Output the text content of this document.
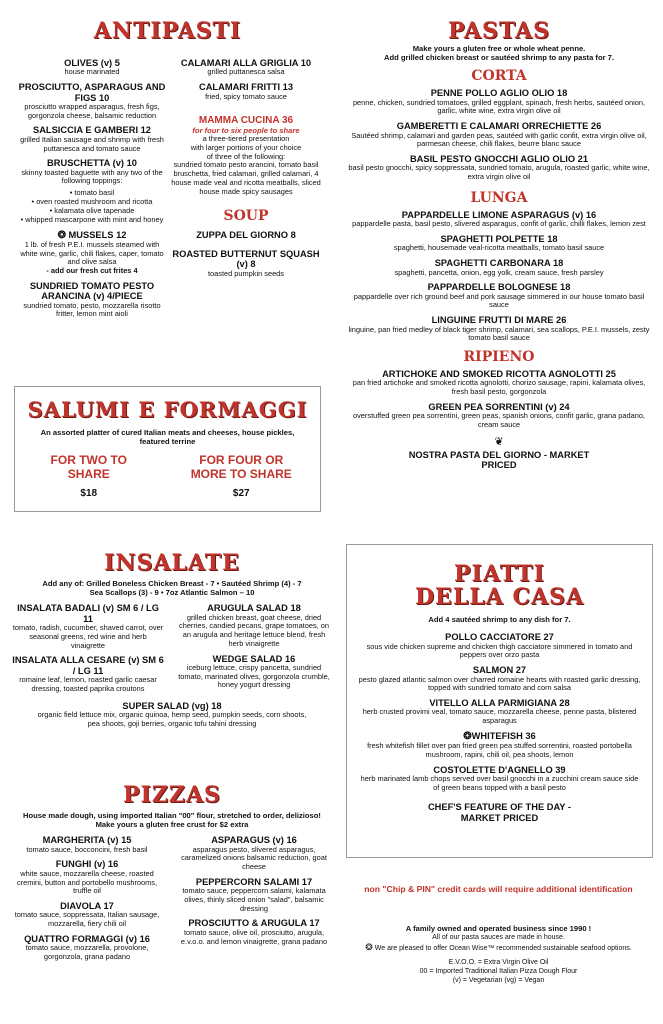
ANTIPASTI
OLIVES (v) 5
house marinated
PROSCIUTTO, ASPARAGUS AND FIGS 10
prosciutto wrapped asparagus, fresh figs, gorgonzola cheese, balsamic reduction
SALSICCIA E GAMBERI 12
grilled Italian sausage and shrimp with fresh puttanesca and tomato sauce
BRUSCHETTA (v) 10
skinny toasted baguette with any two of the following toppings:
• tomato basil
• oven roasted mushroom and ricotta
• kalamata olive tapenade
• whipped mascarpone with mint and honey
❂ MUSSELS 12
1 lb. of fresh P.E.I. mussels steamed with white wine, garlic, chili flakes, caper, tomato and olive salsa
- add our fresh cut frites 4
SUNDRIED TOMATO PESTO ARANCINA (v) 4/PIECE
sundried tomato, pesto, mozzarella risotto fritter, lemon mint aioli
CALAMARI ALLA GRIGLIA 10
grilled puttanesca salsa
CALAMARI FRITTI 13
fried, spicy tomato sauce
MAMMA CUCINA 36
for four to six people to share
a three-tiered presentation
with larger portions of your choice
of three of the following:
sundried tomato pesto arancini, tomato basil bruschetta, fried calamari, grilled calamari, 4 house made veal and ricotta meatballs, sliced house made spicy sausages
SOUP
ZUPPA DEL GIORNO 8
ROASTED BUTTERNUT SQUASH (v) 8
toasted pumpkin seeds
SALUMI E FORMAGGI
An assorted platter of cured Italian meats and cheeses, house pickles, featured terrine
FOR TWO TO SHARE
$18
FOR FOUR OR MORE TO SHARE
$27
PASTAS
Make yours a gluten free or whole wheat penne.
Add grilled chicken breast or sautéed shrimp to any pasta for 7.
CORTA
PENNE POLLO AGLIO OLIO 18
penne, chicken, sundried tomatoes, grilled eggplant, spinach, fresh herbs, sautéed onion, garlic, white wine, extra virgin olive oil
GAMBERETTI E CALAMARI ORRECHIETTE 26
Sautéed shrimp, calamari and garden peas, sautéed with garlic confit, extra virgin olive oil, parmesan cheese, chili flakes, beurre blanc sauce
BASIL PESTO GNOCCHI AGLIO OLIO 21
basil pesto gnocchi, spicy soppressata, sundried tomato, arugula, roasted garlic, white wine, extra virgin olive oil
LUNGA
PAPPARDELLE LIMONE ASPARAGUS (v) 16
pappardelle pasta, basil pesto, slivered asparagus, confit of garlic, chilli flakes, lemon zest
SPAGHETTI POLPETTE 18
spaghetti, housemade veal-ricotta meatballs, tomato basil sauce
SPAGHETTI CARBONARA 18
spaghetti, pancetta, onion, egg yolk, cream sauce, fresh parsley
PAPPARDELLE BOLOGNESE 18
pappardelle over rich ground beef and pork sausage simmered in our house tomato basil sauce
LINGUINE FRUTTI DI MARE 26
linguine, pan fried medley of black tiger shrimp, calamari, sea scallops, P.E.I. mussels, zesty tomato basil sauce
RIPIENO
ARTICHOKE AND SMOKED RICOTTA AGNOLOTTI 25
pan fried artichoke and smoked ricotta agnolotti, chorizo sausage, rapini, kalamata olives, fresh basil pesto, gorgonzola
GREEN PEA SORRENTINI (v) 24
overstuffed green pea sorrentini, green peas, spanish onions, confit garlic, grana padano, cream sauce
❦
NOSTRA PASTA DEL GIORNO - MARKET PRICED
INSALATE
Add any of: Grilled Boneless Chicken Breast - 7 • Sautéed Shrimp (4) - 7
Sea Scallops (3) - 9 • 7oz Atlantic Salmon – 10
INSALATA BADALI (v) SM 6 / LG 11
tomato, radish, cucumber, shaved carrot, over seasonal greens, red wine and herb vinaigrette
INSALATA ALLA CESARE (v) SM 6 / LG 11
romaine leaf, lemon, roasted garlic caesar dressing, toasted paprika croutons
ARUGULA SALAD 18
grilled chicken breast, goat cheese, dried cherries, candied pecans, grape tomatoes, on an arugula and heritage lettuce blend, fresh herb vinaigrette
WEDGE SALAD 16
iceburg lettuce, crispy pancetta, sundried tomato, marinated olives, gorgonzola crumble, honey yogurt dressing
SUPER SALAD (vg) 18
organic field lettuce mix, organic quinoa, hemp seed, pumpkin seeds, corn shoots, pea shoots, goji berries, organic tofu tahini dressing
PIZZAS
House made dough, using imported Italian "00" flour, stretched to order, delizioso!
Make yours a gluten free crust for $2 extra
MARGHERITA (v) 15
tomato sauce, bocconcini, fresh basil
FUNGHI (v) 16
white sauce, mozzarella cheese, roasted cremini, button and portobello mushrooms, truffle oil
DIAVOLA 17
tomato sauce, soppressata, Italian sausage, mozzarella, fiery chili oil
QUATTRO FORMAGGI (v) 16
tomato sauce, mozzarella, provolone, gorgonzola, grana padano
ASPARAGUS (v) 16
asparagus pesto, slivered asparagus, caramelized onions balsamic reduction, goat cheese
PEPPERCORN SALAMI 17
tomato sauce, peppercorn salami, kalamata olives, thinly sliced onion "salad", balsamic dressing
PROSCIUTTO & ARUGULA 17
tomato sauce, olive oil, prosciutto, arugula, e.v.o.o. and lemon vinaigrette, grana padano
PIATTI
DELLA CASA
Add 4 sautéed shrimp to any dish for 7.
POLLO CACCIATORE 27
sous vide chicken supreme and chicken thigh cacciatore simmered in tomato and peppers over orzo pasta
SALMON 27
pesto glazed atlantic salmon over charred romaine hearts with roasted garlic dressing, topped with sundried tomato and corn salsa
VITELLO ALLA PARMIGIANA 28
herb crusted provimi veal, tomato sauce, mozzarella cheese, penne pasta, blistered asparagus
❂WHITEFISH 36
fresh whitefish fillet over pan fried green pea stuffed sorrentini, roasted portobella mushroom, rapini, chili oil, pea shoots, lemon
COSTOLETTE D'AGNELLO 39
herb marinated lamb chops served over basil gnocchi in a zucchini cream sauce side of green beans topped with a basil pesto
CHEF'S FEATURE OF THE DAY - MARKET PRICED
non "Chip & PIN" credit cards will require additional identification
A family owned and operated business since 1990 !
All of our pasta sauces are made in house.
❂ We are pleased to offer Ocean Wise™ recommended sustainable seafood options.
E.V.O.O. = Extra Virgin Olive Oil
00 = Imported Traditional Italian Pizza Dough Flour
(v) = Vegetarian (vg) = Vegan
